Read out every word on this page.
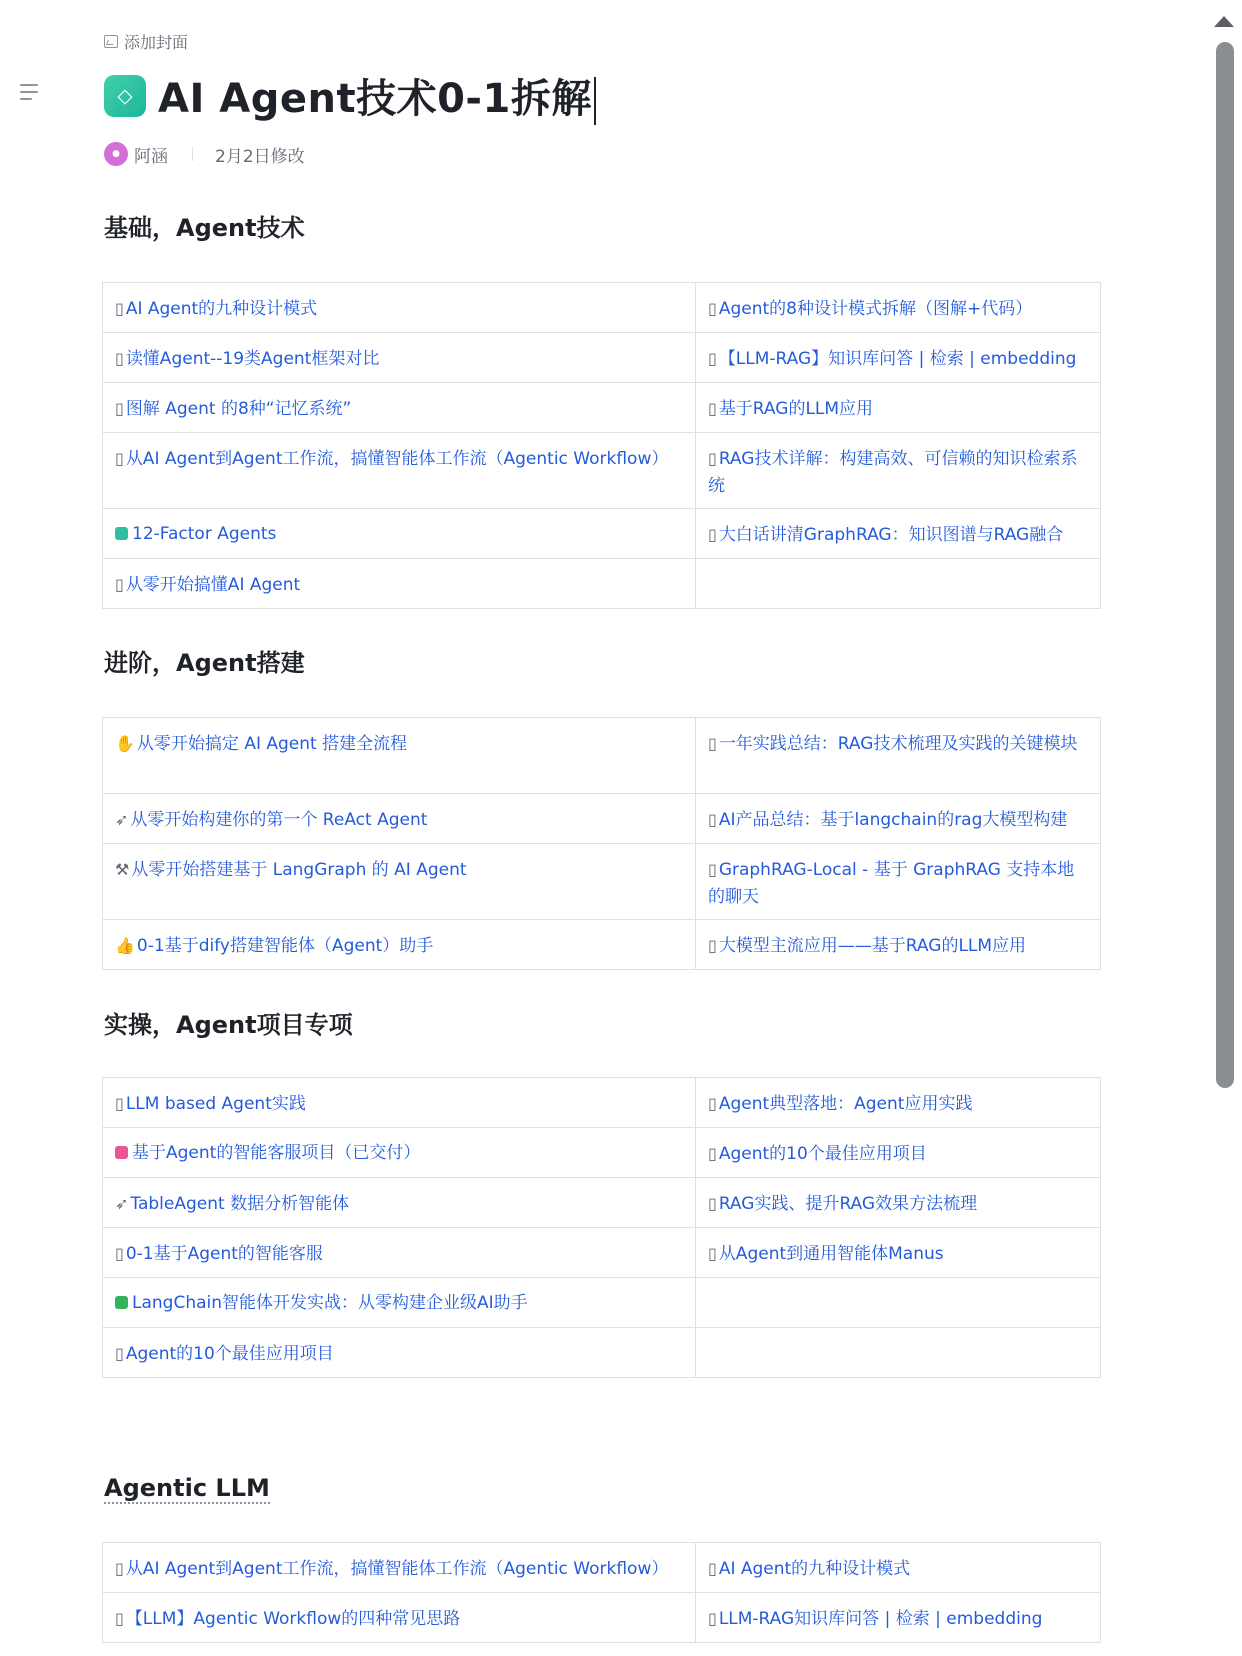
添加封面
⬦ AI Agent技术0-1拆解
● 阿涵	2月2日修改
基础，Agent技术
▯ AI Agent的九种设计模式	▯ Agent的8种设计模式拆解（图解+代码）
▯ 读懂Agent--19类Agent框架对比	▯ 【LLM-RAG】知识库问答 | 检索 | embedding
▯ 图解 Agent 的8种“记忆系统”	▯ 基于RAG的LLM应用
▯ 从AI Agent到Agent工作流，搞懂智能体工作流（Agentic Workflow）	▯ RAG技术详解：构建高效、可信赖的知识检索系统
12-Factor Agents	▯ 大白话讲清GraphRAG：知识图谱与RAG融合
▯ 从零开始搞懂AI Agent	
进阶，Agent搭建
✋ 从零开始搞定 AI Agent 搭建全流程	▯ 一年实践总结：RAG技术梳理及实践的关键模块
➶ 从零开始构建你的第一个 ReAct Agent	▯ AI产品总结：基于langchain的rag大模型构建
⚒ 从零开始搭建基于 LangGraph 的 AI Agent	▯ GraphRAG-Local - 基于 GraphRAG 支持本地的聊天
👍 0-1基于dify搭建智能体（Agent）助手	▯ 大模型主流应用——基于RAG的LLM应用
实操，Agent项目专项
▯ LLM based Agent实践	▯ Agent典型落地：Agent应用实践
基于Agent的智能客服项目（已交付）	▯ Agent的10个最佳应用项目
➶ TableAgent 数据分析智能体	▯ RAG实践、提升RAG效果方法梳理
▯ 0-1基于Agent的智能客服	▯ 从Agent到通用智能体Manus
LangChain智能体开发实战：从零构建企业级AI助手	
▯ Agent的10个最佳应用项目	
Agentic LLM
▯ 从AI Agent到Agent工作流，搞懂智能体工作流（Agentic Workflow）	▯ AI Agent的九种设计模式
▯ 【LLM】Agentic Workflow的四种常见思路	▯ LLM-RAG知识库问答 | 检索 | embedding
